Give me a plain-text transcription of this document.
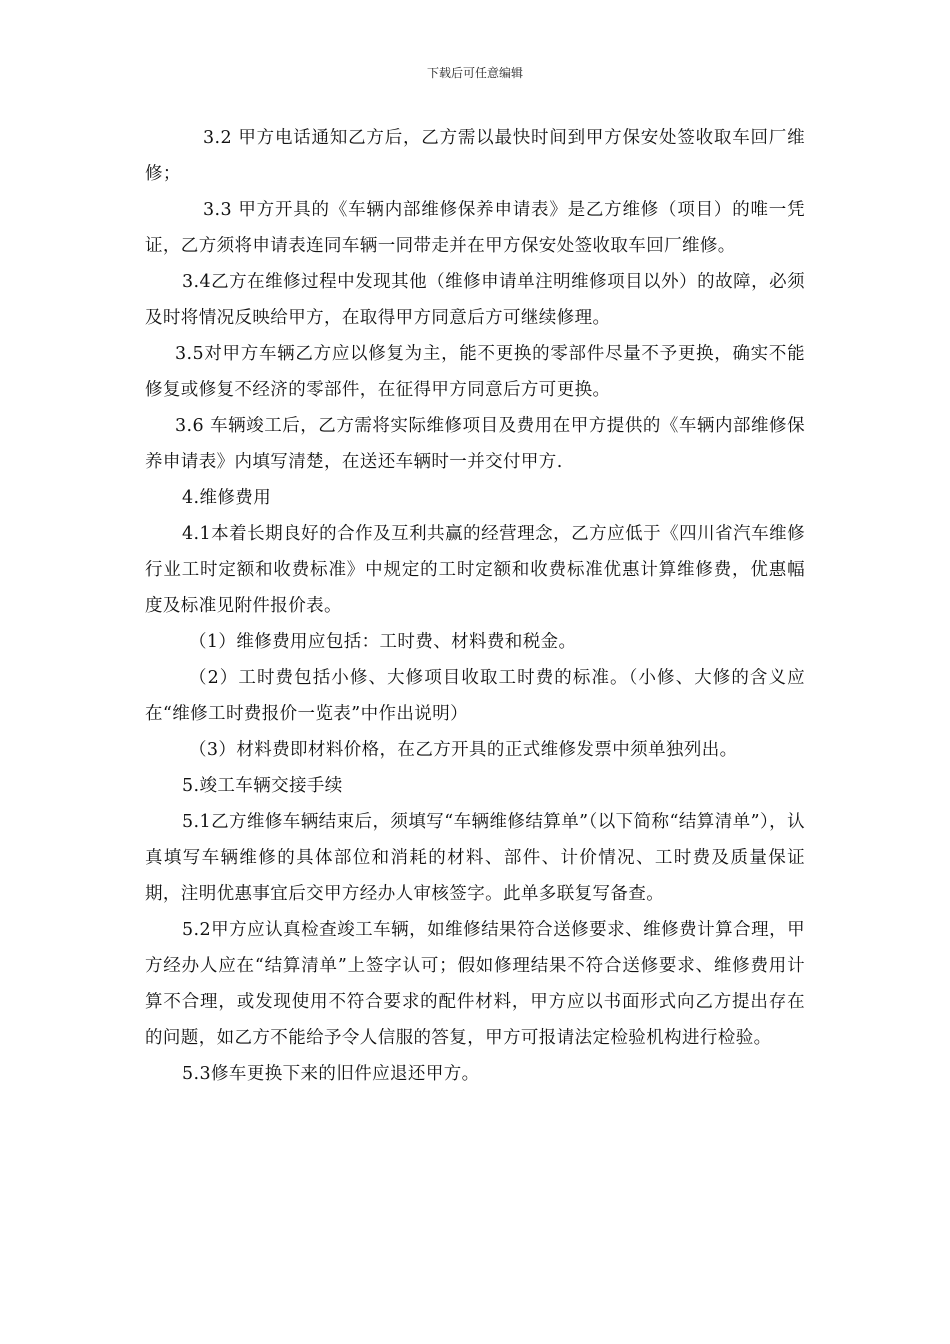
下载后可任意编辑

3.2 甲方电话通知乙方后，乙方需以最快时间到甲方保安处签收取车回厂维修；

3.3 甲方开具的《车辆内部维修保养申请表》是乙方维修（项目）的唯一凭证，乙方须将申请表连同车辆一同带走并在甲方保安处签收取车回厂维修。

3.4乙方在维修过程中发现其他（维修申请单注明维修项目以外）的故障，必须及时将情况反映给甲方，在取得甲方同意后方可继续修理。

3.5对甲方车辆乙方应以修复为主，能不更换的零部件尽量不予更换，确实不能修复或修复不经济的零部件，在征得甲方同意后方可更换。

3.6 车辆竣工后，乙方需将实际维修项目及费用在甲方提供的《车辆内部维修保养申请表》内填写清楚，在送还车辆时一并交付甲方.

4.维修费用

4.1本着长期良好的合作及互利共赢的经营理念，乙方应低于《四川省汽车维修行业工时定额和收费标准》中规定的工时定额和收费标准优惠计算维修费，优惠幅度及标准见附件报价表。

（1）维修费用应包括：工时费、材料费和税金。

（2）工时费包括小修、大修项目收取工时费的标准。（小修、大修的含义应在“维修工时费报价一览表”中作出说明）

（3）材料费即材料价格，在乙方开具的正式维修发票中须单独列出。

5.竣工车辆交接手续

5.1乙方维修车辆结束后，须填写“车辆维修结算单”（以下简称“结算清单”），认真填写车辆维修的具体部位和消耗的材料、部件、计价情况、工时费及质量保证期，注明优惠事宜后交甲方经办人审核签字。此单多联复写备查。

5.2甲方应认真检查竣工车辆，如维修结果符合送修要求、维修费计算合理，甲方经办人应在“结算清单”上签字认可；假如修理结果不符合送修要求、维修费用计算不合理，或发现使用不符合要求的配件材料，甲方应以书面形式向乙方提出存在的问题，如乙方不能给予令人信服的答复，甲方可报请法定检验机构进行检验。

5.3修车更换下来的旧件应退还甲方。
